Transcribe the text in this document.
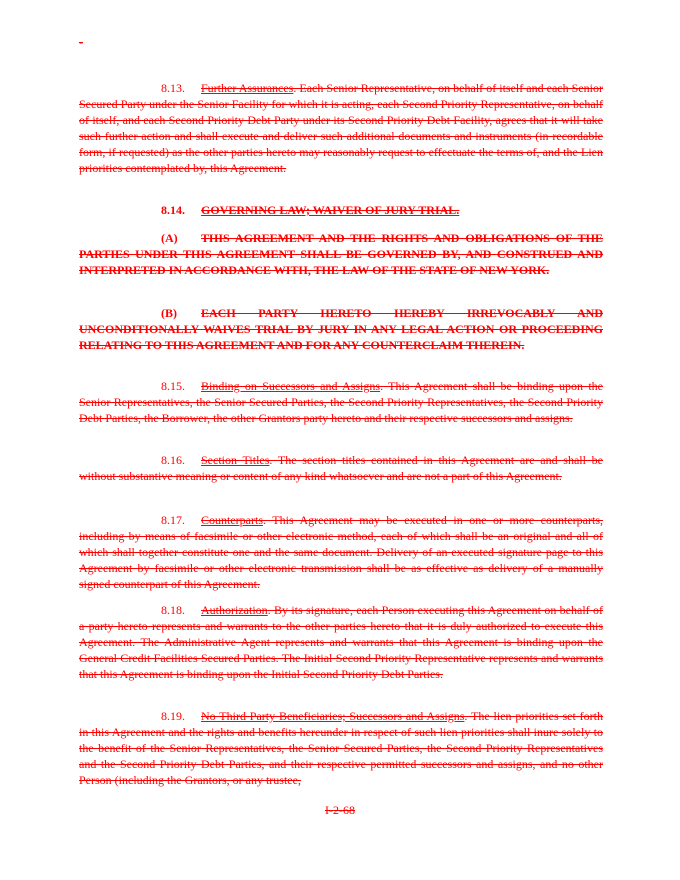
-
8.13. Further Assurances. Each Senior Representative, on behalf of itself and each Senior Secured Party under the Senior Facility for which it is acting, each Second Priority Representative, on behalf of itself, and each Second Priority Debt Party under its Second Priority Debt Facility, agrees that it will take such further action and shall execute and deliver such additional documents and instruments (in recordable form, if requested) as the other parties hereto may reasonably request to effectuate the terms of, and the Lien priorities contemplated by, this Agreement.
8.14. GOVERNING LAW; WAIVER OF JURY TRIAL.
(A) THIS AGREEMENT AND THE RIGHTS AND OBLIGATIONS OF THE PARTIES UNDER THIS AGREEMENT SHALL BE GOVERNED BY, AND CONSTRUED AND INTERPRETED IN ACCORDANCE WITH, THE LAW OF THE STATE OF NEW YORK.
(B) EACH PARTY HERETO HEREBY IRREVOCABLY AND UNCONDITIONALLY WAIVES TRIAL BY JURY IN ANY LEGAL ACTION OR PROCEEDING RELATING TO THIS AGREEMENT AND FOR ANY COUNTERCLAIM THEREIN.
8.15. Binding on Successors and Assigns. This Agreement shall be binding upon the Senior Representatives, the Senior Secured Parties, the Second Priority Representatives, the Second Priority Debt Parties, the Borrower, the other Grantors party hereto and their respective successors and assigns.
8.16. Section Titles. The section titles contained in this Agreement are and shall be without substantive meaning or content of any kind whatsoever and are not a part of this Agreement.
8.17. Counterparts. This Agreement may be executed in one or more counterparts, including by means of facsimile or other electronic method, each of which shall be an original and all of which shall together constitute one and the same document. Delivery of an executed signature page to this Agreement by facsimile or other electronic transmission shall be as effective as delivery of a manually signed counterpart of this Agreement.
8.18. Authorization. By its signature, each Person executing this Agreement on behalf of a party hereto represents and warrants to the other parties hereto that it is duly authorized to execute this Agreement. The Administrative Agent represents and warrants that this Agreement is binding upon the General Credit Facilities Secured Parties. The Initial Second Priority Representative represents and warrants that this Agreement is binding upon the Initial Second Priority Debt Parties.
8.19. No Third Party Beneficiaries; Successors and Assigns. The lien priorities set forth in this Agreement and the rights and benefits hereunder in respect of such lien priorities shall inure solely to the benefit of the Senior Representatives, the Senior Secured Parties, the Second Priority Representatives and the Second Priority Debt Parties, and their respective permitted successors and assigns, and no other Person (including the Grantors, or any trustee,
I-2-68
